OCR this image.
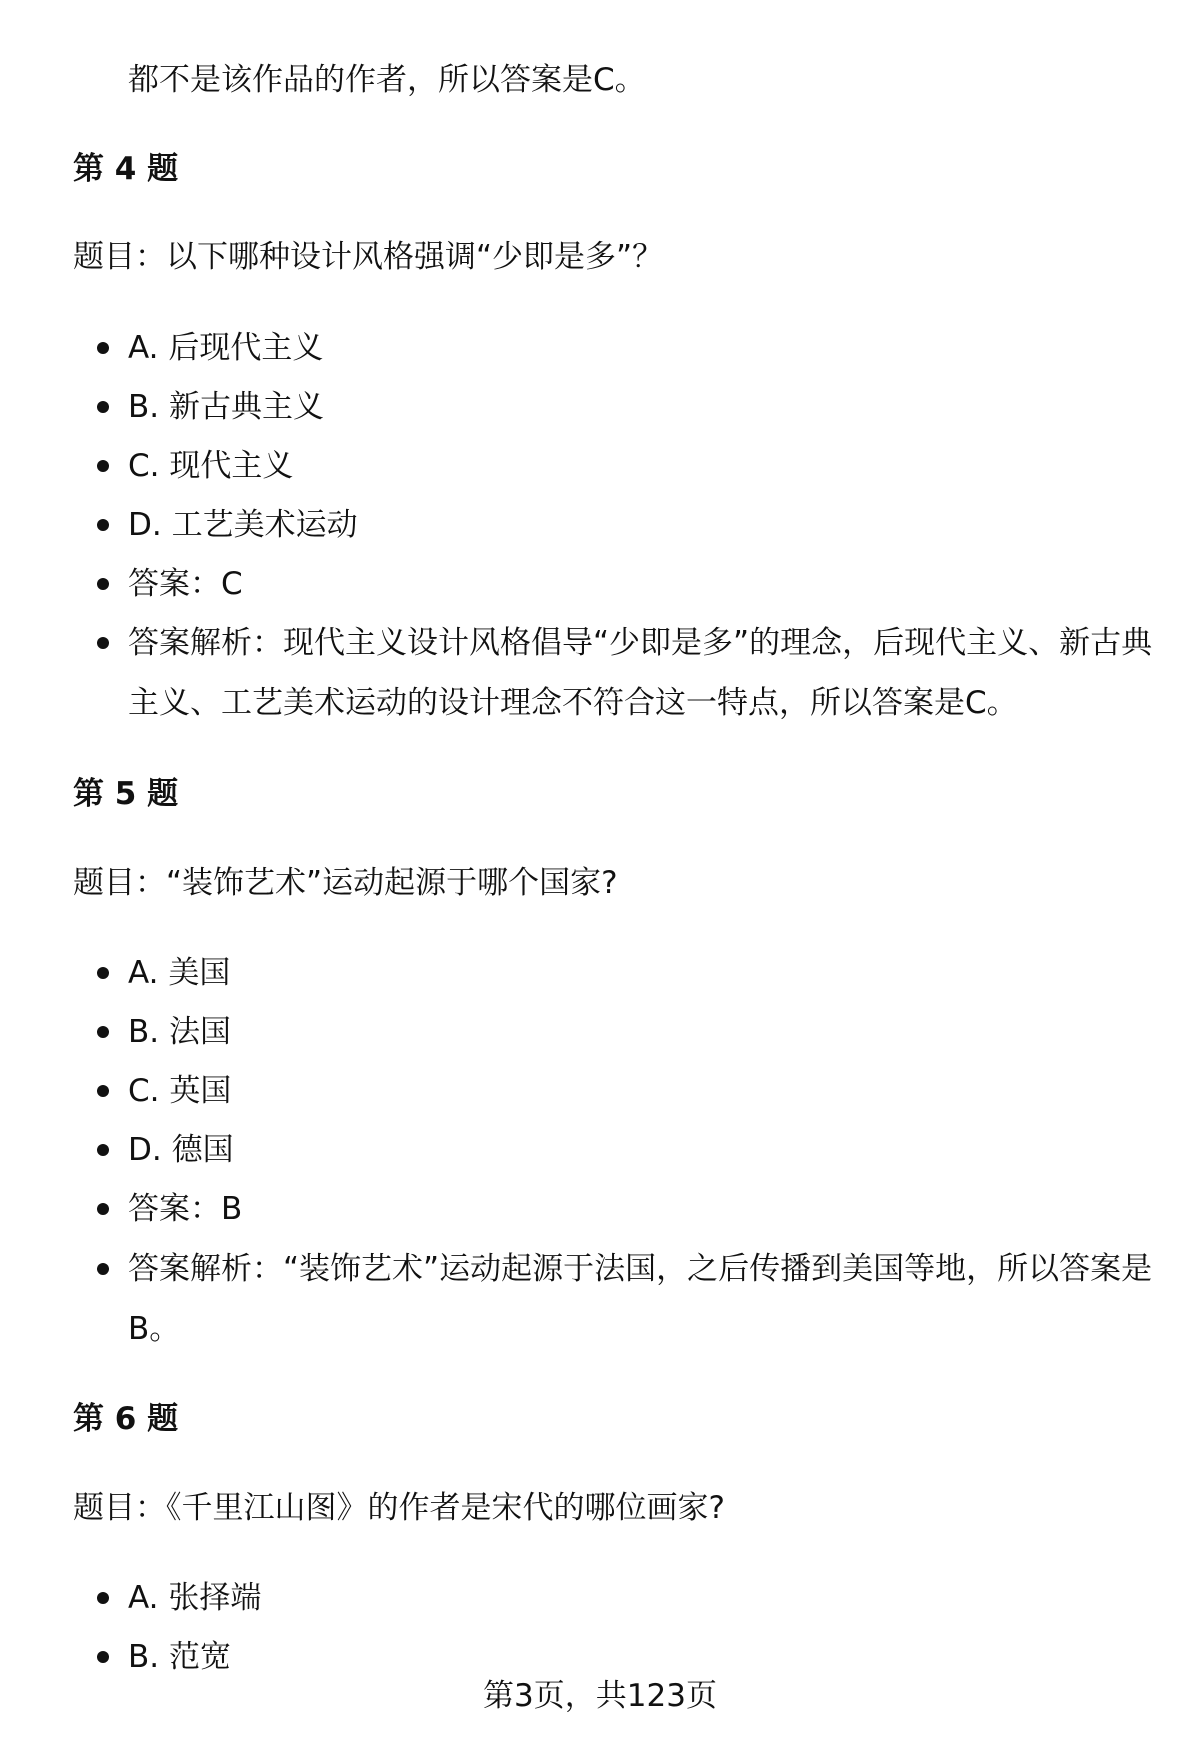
都不是该作品的作者，所以答案是C。
第 4 题
题目：以下哪种设计风格强调“少即是多”？
A. 后现代主义
B. 新古典主义
C. 现代主义
D. 工艺美术运动
答案：C
答案解析：现代主义设计风格倡导“少即是多”的理念，后现代主义、新古典
主义、工艺美术运动的设计理念不符合这一特点，所以答案是C。
第 5 题
题目：“装饰艺术”运动起源于哪个国家?
A. 美国
B. 法国
C. 英国
D. 德国
答案：B
答案解析：“装饰艺术”运动起源于法国，之后传播到美国等地，所以答案是
B。
第 6 题
题目：《千里江山图》的作者是宋代的哪位画家?
A. 张择端
B. 范宽
第3页，共123页
